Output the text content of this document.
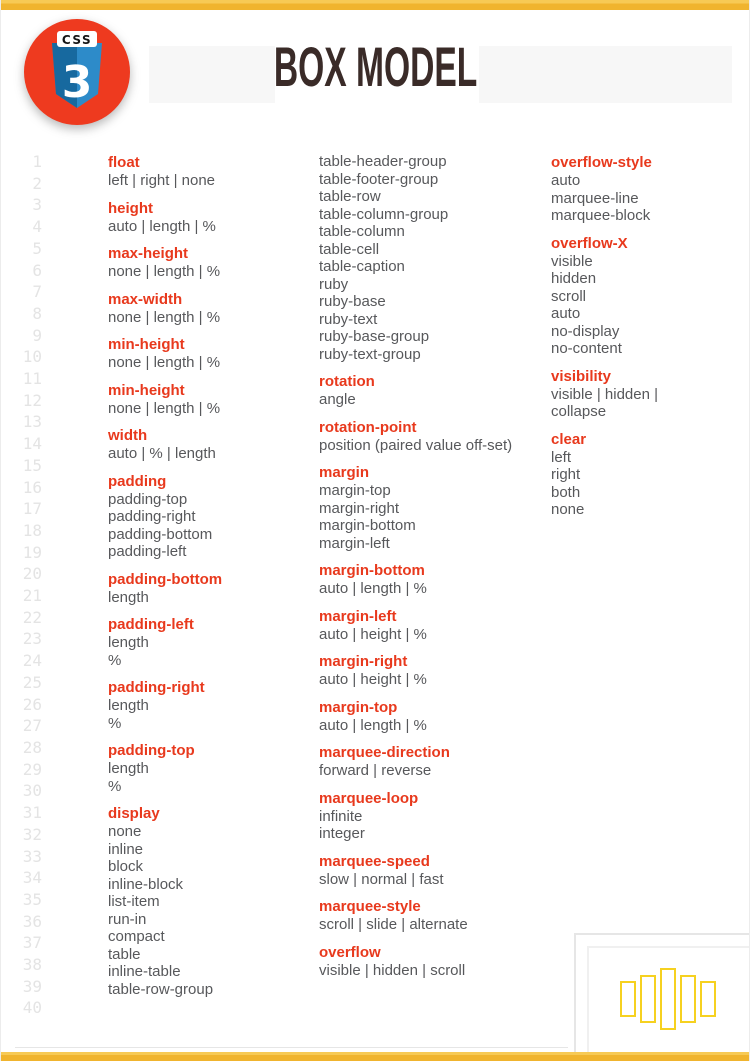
3
CSS	BOX MODEL
1
2
3
4
5
6
7
8
9
10
11
12
13
14
15
16
17
18
19
20
21
22
23
24
25
26
27
28
29
30
31
32
33
34
35
36
37
38
39
40
float
left | right | none
height
auto | length | %
max-height
none | length | %
max-width
none | length | %
min-height
none | length | %
min-height
none | length | %
width
auto | % | length
padding
padding-top
padding-right
padding-bottom
padding-left
padding-bottom
length
padding-left
length
%
padding-right
length
%
padding-top
length
%
display
none
inline
block
inline-block
list-item
run-in
compact
table
inline-table
table-row-group
table-header-group
table-footer-group
table-row
table-column-group
table-column
table-cell
table-caption
ruby
ruby-base
ruby-text
ruby-base-group
ruby-text-group
rotation
angle
rotation-point
position (paired value off-set)
margin
margin-top
margin-right
margin-bottom
margin-left
margin-bottom
auto | length | %
margin-left
auto | height | %
margin-right
auto | height | %
margin-top
auto | length | %
marquee-direction
forward | reverse
marquee-loop
infinite
integer
marquee-speed
slow | normal | fast
marquee-style
scroll | slide | alternate
overflow
visible | hidden | scroll
overflow-style
auto
marquee-line
marquee-block
overflow-X
visible
hidden
scroll
auto
no-display
no-content
visibility
visible | hidden |
collapse
clear
left
right
both
none
